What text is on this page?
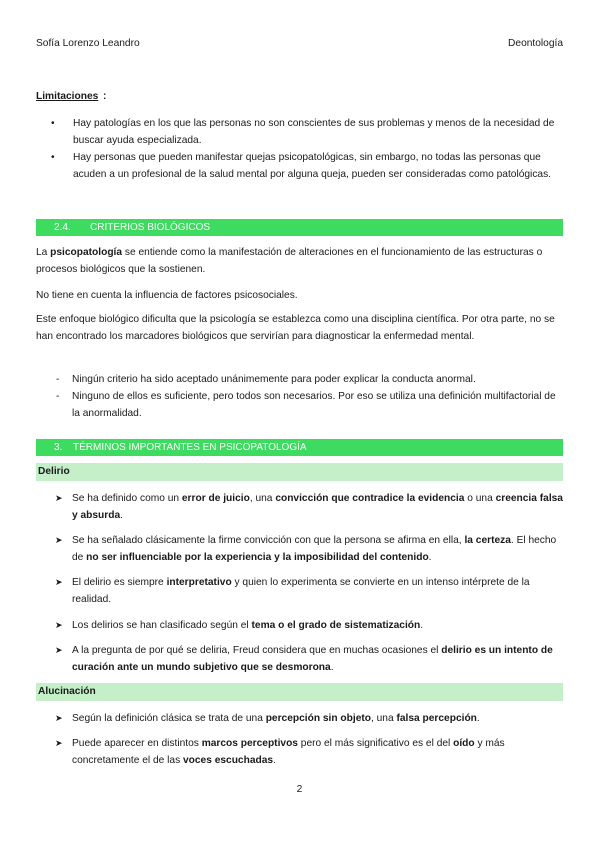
Sofía Lorenzo Leandro	Deontología
Limitaciones :
• Hay patologías en los que las personas no son conscientes de sus problemas y menos de la necesidad de buscar ayuda especializada.
• Hay personas que pueden manifestar quejas psicopatológicas, sin embargo, no todas las personas que acuden a un profesional de la salud mental por alguna queja, pueden ser consideradas como patológicas.
2.4. CRITERIOS BIOLÓGICOS
La psicopatología se entiende como la manifestación de alteraciones en el funcionamiento de las estructuras o procesos biológicos que la sostienen.
No tiene en cuenta la influencia de factores psicosociales.
Este enfoque biológico dificulta que la psicología se establezca como una disciplina científica. Por otra parte, no se han encontrado los marcadores biológicos que servirían para diagnosticar la enfermedad mental.
-	Ningún criterio ha sido aceptado unánimemente para poder explicar la conducta anormal.
-	Ninguno de ellos es suficiente, pero todos son necesarios. Por eso se utiliza una definición multifactorial de la anormalidad.
3. TÉRMINOS IMPORTANTES EN PSICOPATOLOGÍA
Delirio
➤ Se ha definido como un error de juicio, una convicción que contradice la evidencia o una creencia falsa y absurda.
➤ Se ha señalado clásicamente la firme convicción con que la persona se afirma en ella, la certeza. El hecho de no ser influenciable por la experiencia y la imposibilidad del contenido.
➤ El delirio es siempre interpretativo y quien lo experimenta se convierte en un intenso intérprete de la realidad.
➤ Los delirios se han clasificado según el tema o el grado de sistematización.
➤ A la pregunta de por qué se deliria, Freud considera que en muchas ocasiones el delirio es un intento de curación ante un mundo subjetivo que se desmorona.
Alucinación
➤ Según la definición clásica se trata de una percepción sin objeto, una falsa percepción.
➤ Puede aparecer en distintos marcos perceptivos pero el más significativo es el del oído y más concretamente el de las voces escuchadas.
2
